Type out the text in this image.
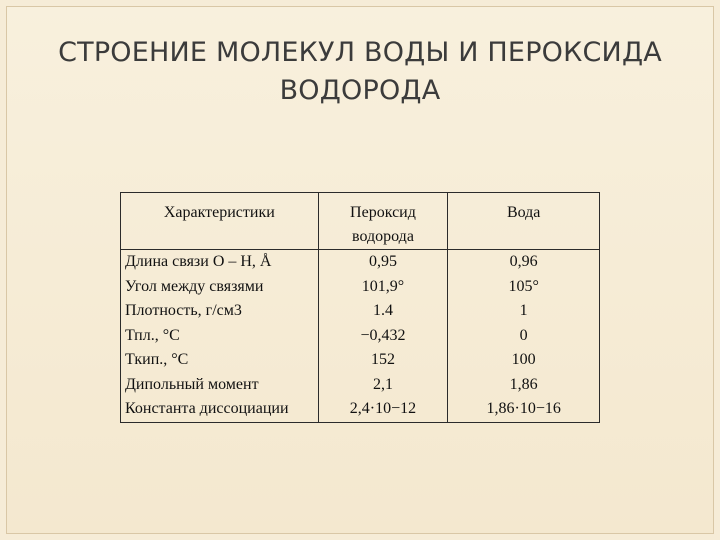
СТРОЕНИЕ МОЛЕКУЛ ВОДЫ И ПЕРОКСИДА
ВОДОРОДА
Характеристики	Пероксид водорода	Вода
Длина связи О – Н, Å	0,95	0,96
Угол между связями	101,9°	105°
Плотность, г/см3	1.4	1
Тпл., °С	−0,432	0
Ткип., °С	152	100
Дипольный момент	2,1	1,86
Константа диссоциации	2,4·10−12	1,86·10−16
